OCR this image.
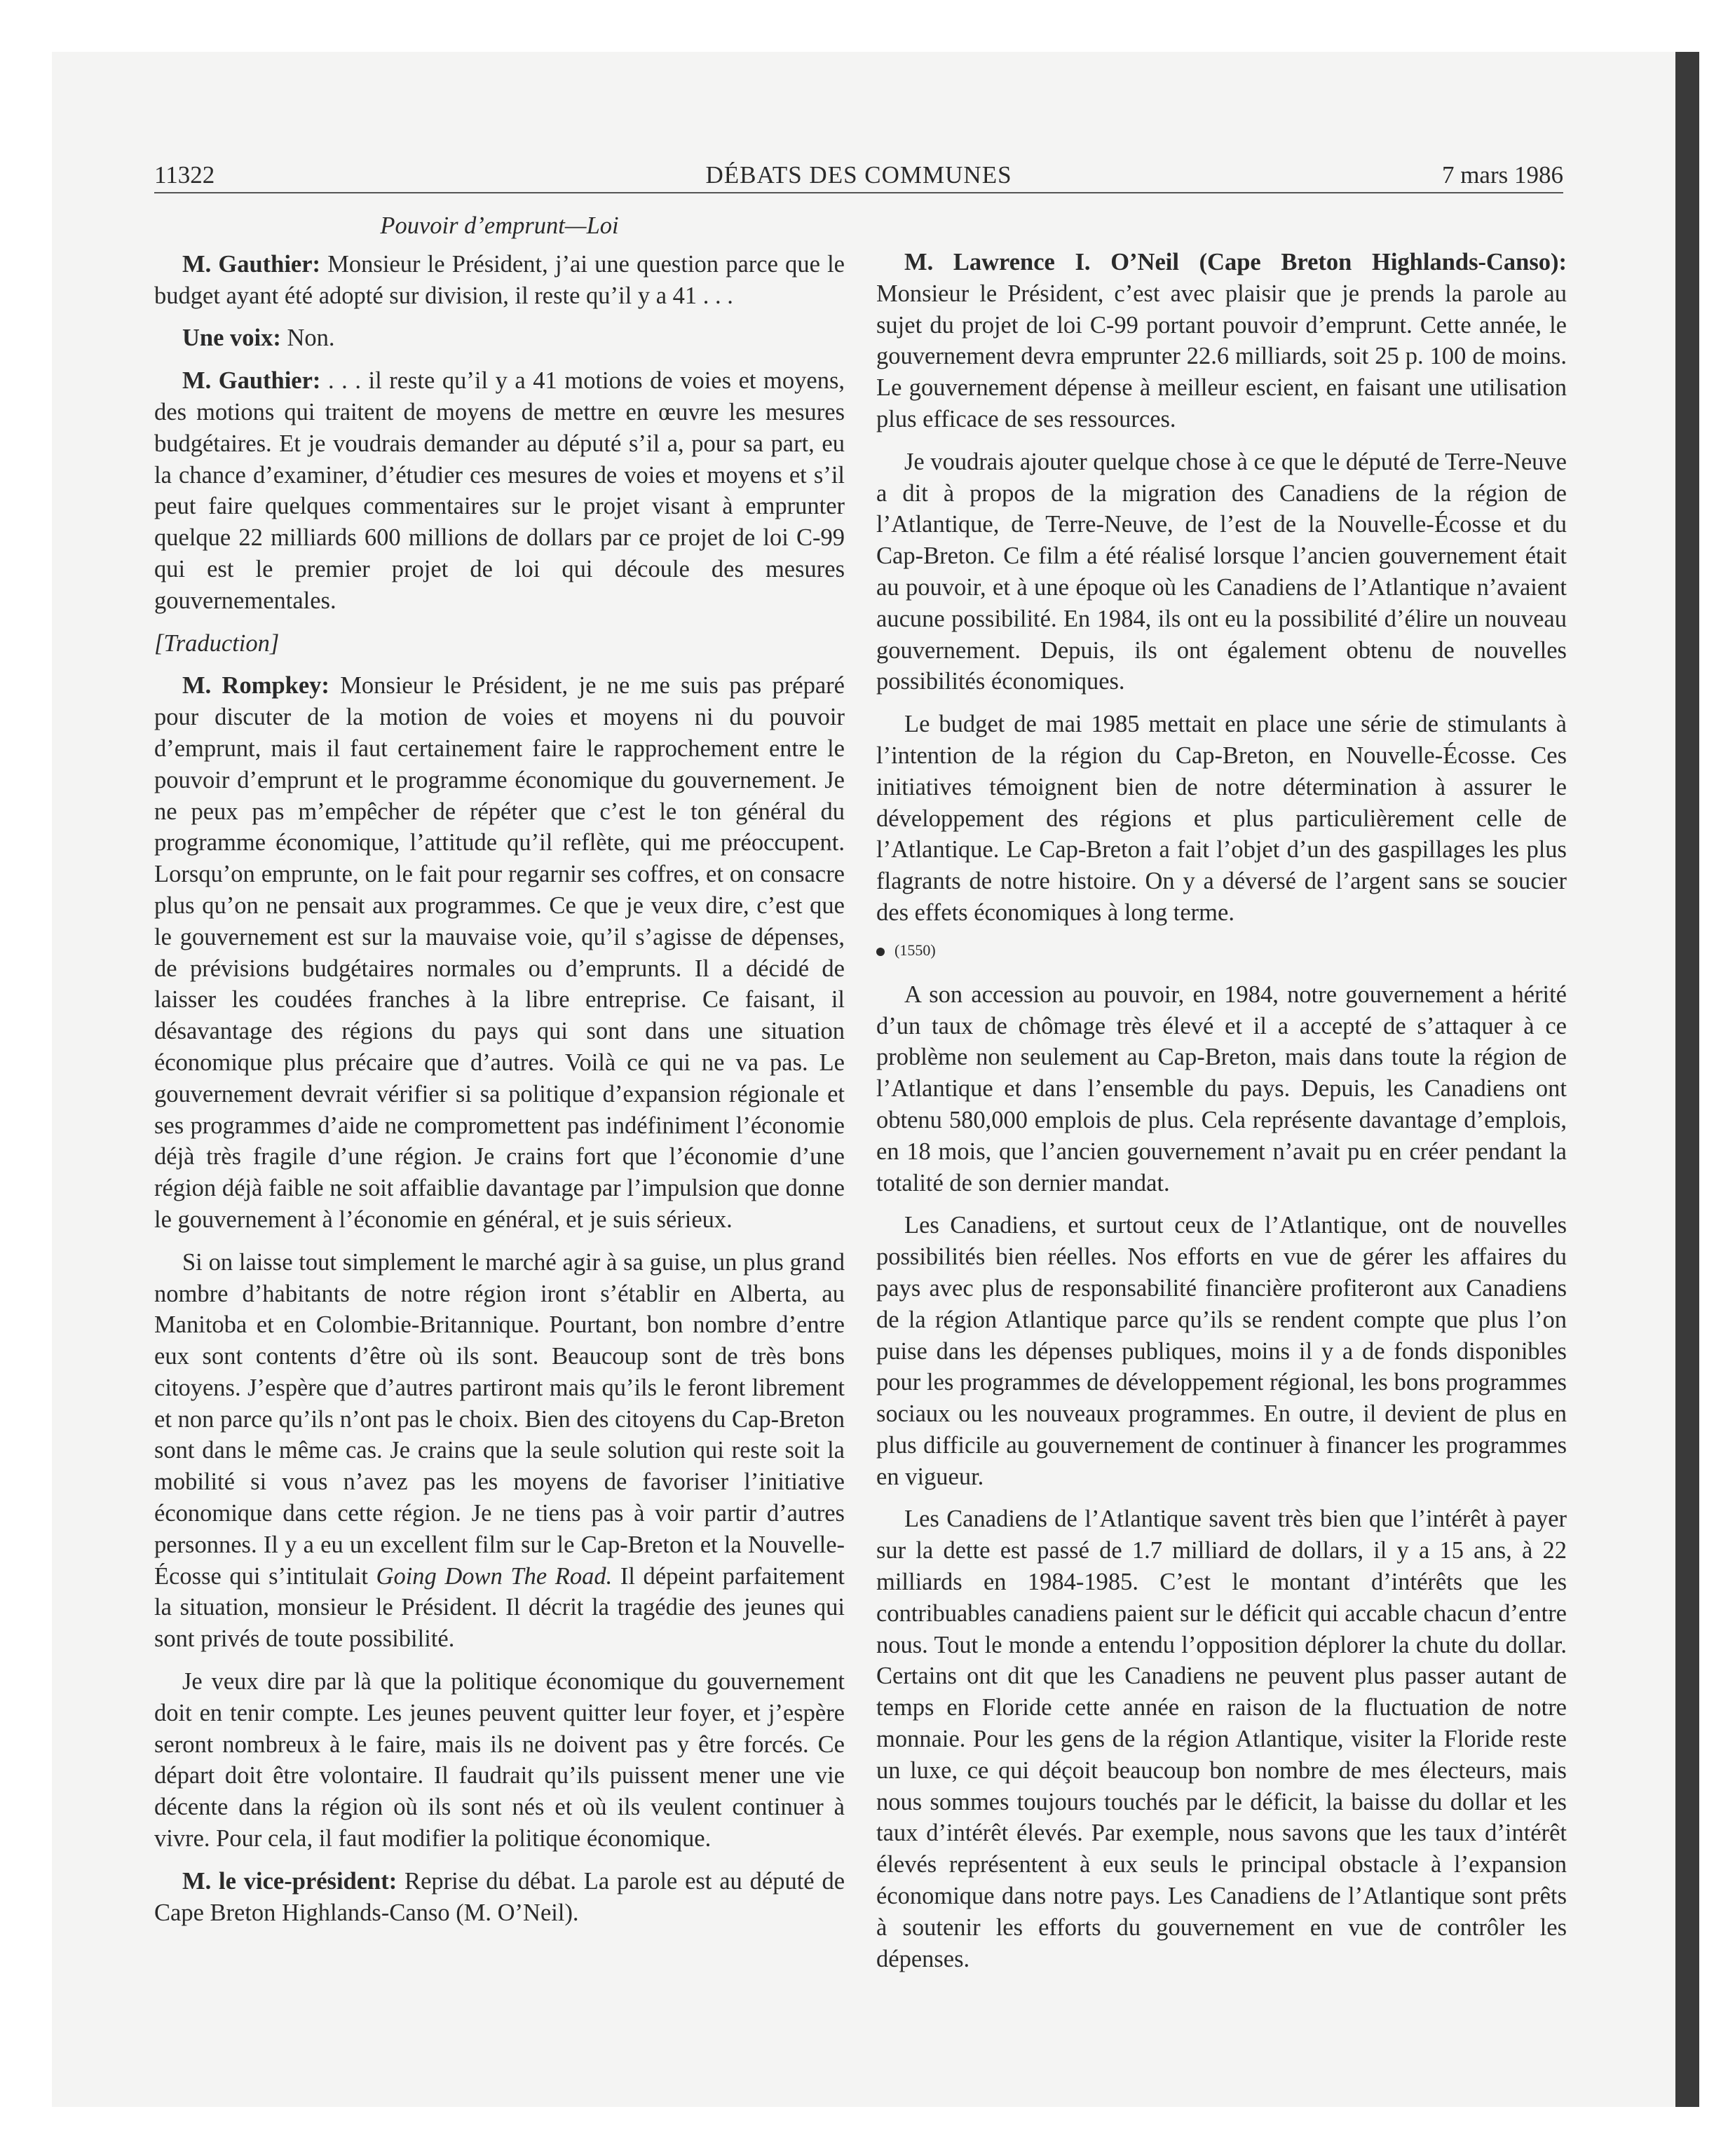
11322	DÉBATS DES COMMUNES	7 mars 1986

Pouvoir d’emprunt—Loi

M. Gauthier: Monsieur le Président, j’ai une question parce que le budget ayant été adopté sur division, il reste qu’il y a 41 . . .

Une voix: Non.

M. Gauthier: . . . il reste qu’il y a 41 motions de voies et moyens, des motions qui traitent de moyens de mettre en œuvre les mesures budgétaires. Et je voudrais demander au député s’il a, pour sa part, eu la chance d’examiner, d’étudier ces mesures de voies et moyens et s’il peut faire quelques commentaires sur le projet visant à emprunter quelque 22 milliards 600 millions de dollars par ce projet de loi C-99 qui est le premier projet de loi qui découle des mesures gouvernementales.

[Traduction]

M. Rompkey: Monsieur le Président, je ne me suis pas préparé pour discuter de la motion de voies et moyens ni du pouvoir d’emprunt, mais il faut certainement faire le rapprochement entre le pouvoir d’emprunt et le programme économique du gouvernement. Je ne peux pas m’empêcher de répéter que c’est le ton général du programme économique, l’attitude qu’il reflète, qui me préoccupent. Lorsqu’on emprunte, on le fait pour regarnir ses coffres, et on consacre plus qu’on ne pensait aux programmes. Ce que je veux dire, c’est que le gouvernement est sur la mauvaise voie, qu’il s’agisse de dépenses, de prévisions budgétaires normales ou d’emprunts. Il a décidé de laisser les coudées franches à la libre entreprise. Ce faisant, il désavantage des régions du pays qui sont dans une situation économique plus précaire que d’autres. Voilà ce qui ne va pas. Le gouvernement devrait vérifier si sa politique d’expansion régionale et ses programmes d’aide ne compromettent pas indéfiniment l’économie déjà très fragile d’une région. Je crains fort que l’économie d’une région déjà faible ne soit affaiblie davantage par l’impulsion que donne le gouvernement à l’économie en général, et je suis sérieux.

Si on laisse tout simplement le marché agir à sa guise, un plus grand nombre d’habitants de notre région iront s’établir en Alberta, au Manitoba et en Colombie-Britannique. Pourtant, bon nombre d’entre eux sont contents d’être où ils sont. Beaucoup sont de très bons citoyens. J’espère que d’autres partiront mais qu’ils le feront librement et non parce qu’ils n’ont pas le choix. Bien des citoyens du Cap-Breton sont dans le même cas. Je crains que la seule solution qui reste soit la mobilité si vous n’avez pas les moyens de favoriser l’initiative économique dans cette région. Je ne tiens pas à voir partir d’autres personnes. Il y a eu un excellent film sur le Cap-Breton et la Nouvelle-Écosse qui s’intitulait Going Down The Road. Il dépeint parfaitement la situation, monsieur le Président. Il décrit la tragédie des jeunes qui sont privés de toute possibilité.

Je veux dire par là que la politique économique du gouvernement doit en tenir compte. Les jeunes peuvent quitter leur foyer, et j’espère seront nombreux à le faire, mais ils ne doivent pas y être forcés. Ce départ doit être volontaire. Il faudrait qu’ils puissent mener une vie décente dans la région où ils sont nés et où ils veulent continuer à vivre. Pour cela, il faut modifier la politique économique.

M. le vice-président: Reprise du débat. La parole est au député de Cape Breton Highlands-Canso (M. O’Neil).

M. Lawrence I. O’Neil (Cape Breton Highlands-Canso): Monsieur le Président, c’est avec plaisir que je prends la parole au sujet du projet de loi C-99 portant pouvoir d’emprunt. Cette année, le gouvernement devra emprunter 22.6 milliards, soit 25 p. 100 de moins. Le gouvernement dépense à meilleur escient, en faisant une utilisation plus efficace de ses ressources.

Je voudrais ajouter quelque chose à ce que le député de Terre-Neuve a dit à propos de la migration des Canadiens de la région de l’Atlantique, de Terre-Neuve, de l’est de la Nouvelle-Écosse et du Cap-Breton. Ce film a été réalisé lorsque l’ancien gouvernement était au pouvoir, et à une époque où les Canadiens de l’Atlantique n’avaient aucune possibilité. En 1984, ils ont eu la possibilité d’élire un nouveau gouvernement. Depuis, ils ont également obtenu de nouvelles possibilités économiques.

Le budget de mai 1985 mettait en place une série de stimulants à l’intention de la région du Cap-Breton, en Nouvelle-Écosse. Ces initiatives témoignent bien de notre détermination à assurer le développement des régions et plus particulièrement celle de l’Atlantique. Le Cap-Breton a fait l’objet d’un des gaspillages les plus flagrants de notre histoire. On y a déversé de l’argent sans se soucier des effets économiques à long terme.

(1550)

A son accession au pouvoir, en 1984, notre gouvernement a hérité d’un taux de chômage très élevé et il a accepté de s’attaquer à ce problème non seulement au Cap-Breton, mais dans toute la région de l’Atlantique et dans l’ensemble du pays. Depuis, les Canadiens ont obtenu 580,000 emplois de plus. Cela représente davantage d’emplois, en 18 mois, que l’ancien gouvernement n’avait pu en créer pendant la totalité de son dernier mandat.

Les Canadiens, et surtout ceux de l’Atlantique, ont de nouvelles possibilités bien réelles. Nos efforts en vue de gérer les affaires du pays avec plus de responsabilité financière profiteront aux Canadiens de la région Atlantique parce qu’ils se rendent compte que plus l’on puise dans les dépenses publiques, moins il y a de fonds disponibles pour les programmes de développement régional, les bons programmes sociaux ou les nouveaux programmes. En outre, il devient de plus en plus difficile au gouvernement de continuer à financer les programmes en vigueur.

Les Canadiens de l’Atlantique savent très bien que l’intérêt à payer sur la dette est passé de 1.7 milliard de dollars, il y a 15 ans, à 22 milliards en 1984-1985. C’est le montant d’intérêts que les contribuables canadiens paient sur le déficit qui accable chacun d’entre nous. Tout le monde a entendu l’opposition déplorer la chute du dollar. Certains ont dit que les Canadiens ne peuvent plus passer autant de temps en Floride cette année en raison de la fluctuation de notre monnaie. Pour les gens de la région Atlantique, visiter la Floride reste un luxe, ce qui déçoit beaucoup bon nombre de mes électeurs, mais nous sommes toujours touchés par le déficit, la baisse du dollar et les taux d’intérêt élevés. Par exemple, nous savons que les taux d’intérêt élevés représentent à eux seuls le principal obstacle à l’expansion économique dans notre pays. Les Canadiens de l’Atlantique sont prêts à soutenir les efforts du gouvernement en vue de contrôler les dépenses.
